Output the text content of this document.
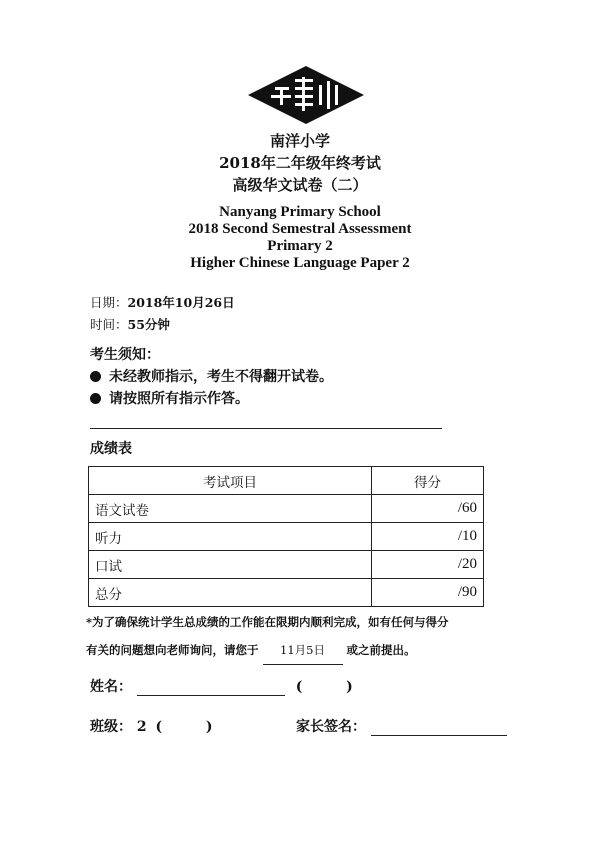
南洋小学

2018年二年级年终考试

高级华文试卷（二）

Nanyang Primary School

2018 Second Semestral Assessment

Primary 2

Higher Chinese Language Paper 2

日期：2018年10月26日
时间：55分钟
考生须知：
未经教师指示，考生不得翻开试卷。
请按照所有指示作答。
成绩表
考试项目	得分
语文试卷	/60
听力	/10
口试	/20
总分	/90
*为了确保统计学生总成绩的工作能在限期内顺利完成，如有任何与得分
有关的问题想向老师询问，请您于 11月5日 或之前提出。
姓名：	(	)
班级： 2 (	)	家长签名：
